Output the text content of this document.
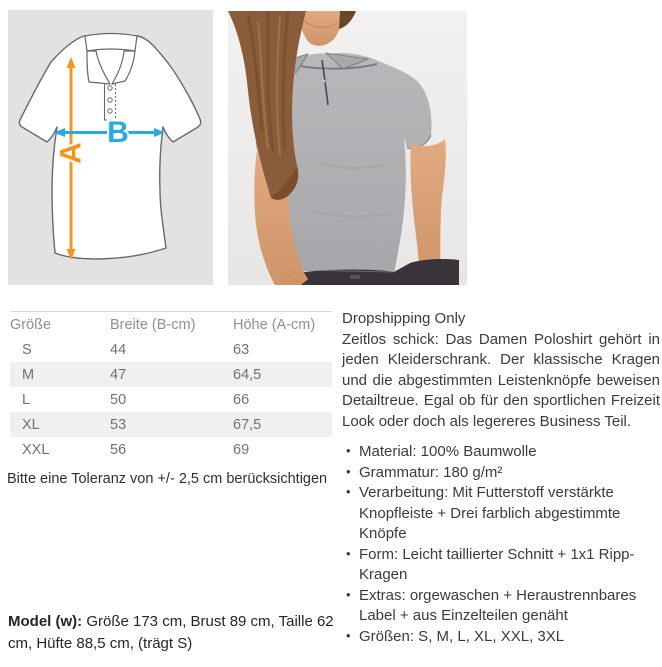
A
B
Größe	Breite (B-cm)	Höhe (A-cm)
S	44	63
M	47	64,5
L	50	66
XL	53	67,5
XXL	56	69

Bitte eine Toleranz von +/- 2,5 cm berücksichtigen

Model (w): Größe 173 cm, Brust 89 cm, Taille 62 cm, Hüfte 88,5 cm, (trägt S)

Dropshipping Only

Zeitlos schick: Das Damen Poloshirt gehört in jeden Kleiderschrank. Der klassische Kragen und die abgestimmten Leistenknöpfe beweisen Detailtreue. Egal ob für den sportlichen Freizeit Look oder doch als legereres Business Teil.

• Material: 100% Baumwolle
• Grammatur: 180 g/m²
• Verarbeitung: Mit Futterstoff verstärkte Knopfleiste + Drei farblich abgestimmte Knöpfe
• Form: Leicht taillierter Schnitt + 1x1 Ripp-Kragen
• Extras: orgewaschen + Heraustrennbares Label + aus Einzelteilen genäht
• Größen: S, M, L, XL, XXL, 3XL
